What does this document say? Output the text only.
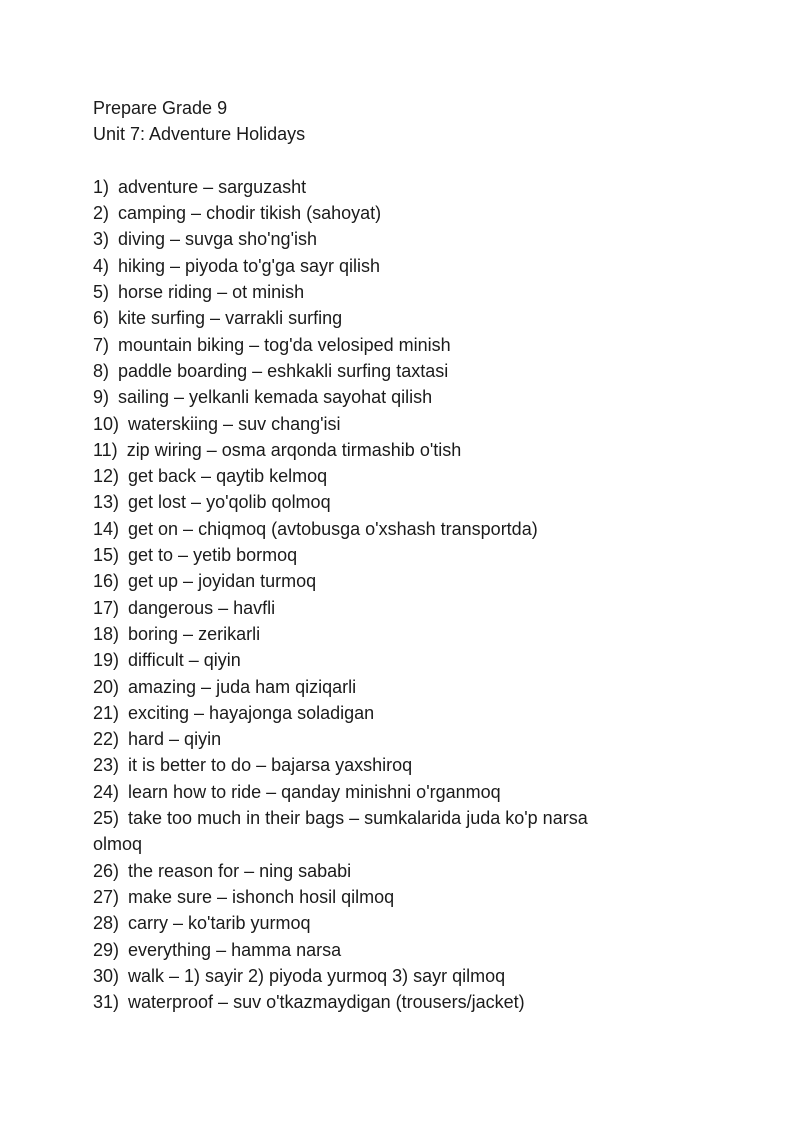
Prepare Grade 9

Unit 7: Adventure Holidays

1) adventure – sarguzasht

2) camping – chodir tikish (sahoyat)

3) diving – suvga sho'ng'ish

4) hiking – piyoda to'g'ga sayr qilish

5) horse riding – ot minish

6) kite surfing – varrakli surfing

7) mountain biking – tog'da velosiped minish

8) paddle boarding – eshkakli surfing taxtasi

9) sailing – yelkanli kemada sayohat qilish

10) waterskiing – suv chang'isi

11) zip wiring – osma arqonda tirmashib o'tish

12) get back – qaytib kelmoq

13) get lost – yo'qolib qolmoq

14) get on – chiqmoq (avtobusga o'xshash transportda)

15) get to – yetib bormoq

16) get up – joyidan turmoq

17) dangerous – havfli

18) boring – zerikarli

19) difficult – qiyin

20) amazing – juda ham qiziqarli

21) exciting – hayajonga soladigan

22) hard – qiyin

23) it is better to do – bajarsa yaxshiroq

24) learn how to ride – qanday minishni o'rganmoq

25) take too much in their bags – sumkalarida juda ko'p narsa olmoq

26) the reason for – ning sababi

27) make sure – ishonch hosil qilmoq

28) carry – ko'tarib yurmoq

29) everything – hamma narsa

30) walk – 1) sayir 2) piyoda yurmoq 3) sayr qilmoq

31) waterproof – suv o'tkazmaydigan (trousers/jacket)
